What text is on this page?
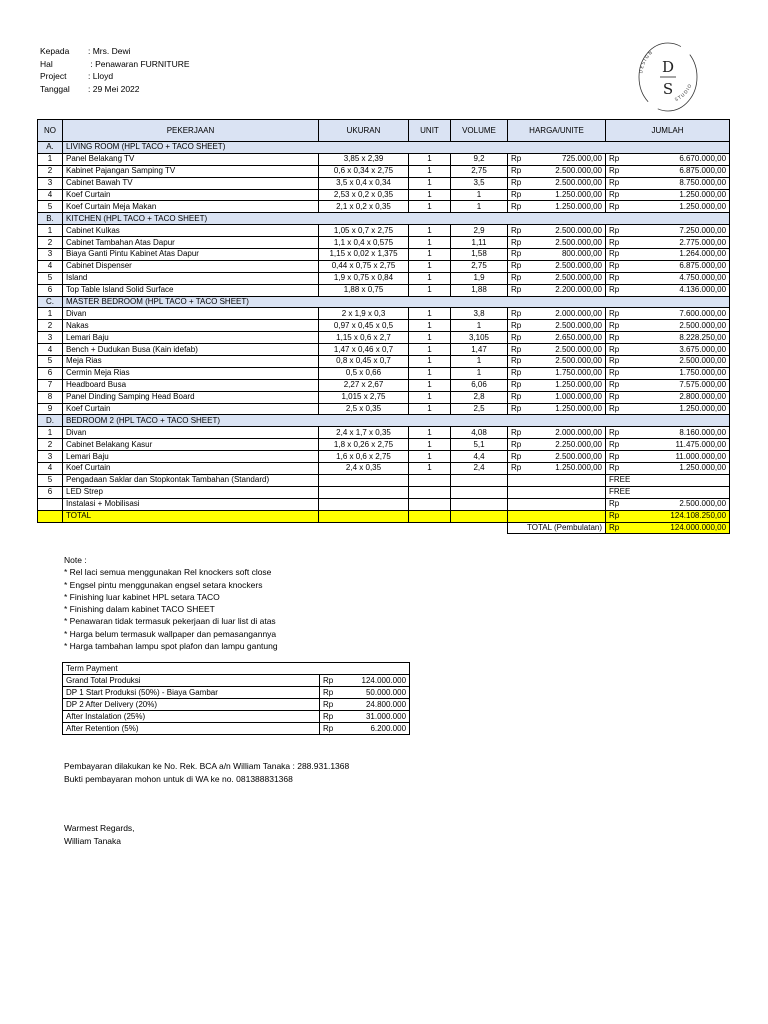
Kepada	: Mrs. Dewi
Hal	: Penawaran FURNITURE
Project	: Lloyd
Tanggal	: 29 Mei 2022
DESIGN
STUDIO
D
S
NO	PEKERJAAN	UKURAN	UNIT	VOLUME	HARGA/UNITE		JUMLAH	
A.	LIVING ROOM (HPL TACO + TACO SHEET)							
1	Panel Belakang TV	3,85 x 2,39	1	9,2	Rp	725.000,00	Rp	6.670.000,00
2	Kabinet Pajangan Samping TV	0,6 x 0,34 x 2,75	1	2,75	Rp	2.500.000,00	Rp	6.875.000,00
3	Cabinet Bawah TV	3,5 x 0,4 x 0,34	1	3,5	Rp	2.500.000,00	Rp	8.750.000,00
4	Koef Curtain	2,53 x 0,2 x 0,35	1	1	Rp	1.250.000,00	Rp	1.250.000,00
5	Koef Curtain Meja Makan	2,1 x 0,2 x 0,35	1	1	Rp	1.250.000,00	Rp	1.250.000,00
B.	KITCHEN (HPL TACO + TACO SHEET)							
1	Cabinet Kulkas	1,05 x 0,7 x 2,75	1	2,9	Rp	2.500.000,00	Rp	7.250.000,00
2	Cabinet Tambahan Atas Dapur	1,1 x 0,4 x 0,575	1	1,11	Rp	2.500.000,00	Rp	2.775.000,00
3	Biaya Ganti Pintu Kabinet Atas Dapur	1,15 x 0,02 x 1,375	1	1,58	Rp	800.000,00	Rp	1.264.000,00
4	Cabinet Dispenser	0,44 x 0,75 x 2,75	1	2,75	Rp	2.500.000,00	Rp	6.875.000,00
5	Island	1,9 x 0,75 x 0,84	1	1,9	Rp	2.500.000,00	Rp	4.750.000,00
6	Top Table Island Solid Surface	1,88 x 0,75	1	1,88	Rp	2.200.000,00	Rp	4.136.000,00
C.	MASTER BEDROOM (HPL TACO + TACO SHEET)							
1	Divan	2 x 1,9 x 0,3	1	3,8	Rp	2.000.000,00	Rp	7.600.000,00
2	Nakas	0,97 x 0,45 x 0,5	1	1	Rp	2.500.000,00	Rp	2.500.000,00
3	Lemari Baju	1,15 x 0,6 x 2,7	1	3,105	Rp	2.650.000,00	Rp	8.228.250,00
4	Bench + Dudukan Busa (Kain idefab)	1,47 x 0,46 x 0,7	1	1,47	Rp	2.500.000,00	Rp	3.675.000,00
5	Meja Rias	0,8 x 0,45 x 0,7	1	1	Rp	2.500.000,00	Rp	2.500.000,00
6	Cermin Meja Rias	0,5 x 0,66	1	1	Rp	1.750.000,00	Rp	1.750.000,00
7	Headboard Busa	2,27 x 2,67	1	6,06	Rp	1.250.000,00	Rp	7.575.000,00
8	Panel Dinding Samping Head Board	1,015 x 2,75	1	2,8	Rp	1.000.000,00	Rp	2.800.000,00
9	Koef Curtain	2,5 x 0,35	1	2,5	Rp	1.250.000,00	Rp	1.250.000,00
D.	BEDROOM 2 (HPL TACO + TACO SHEET)							
1	Divan	2,4 x 1,7 x 0,35	1	4,08	Rp	2.000.000,00	Rp	8.160.000,00
2	Cabinet Belakang Kasur	1,8 x 0,26 x 2,75	1	5,1	Rp	2.250.000,00	Rp	11.475.000,00
3	Lemari Baju	1,6 x 0,6 x 2,75	1	4,4	Rp	2.500.000,00	Rp	11.000.000,00
4	Koef Curtain	2,4 x 0,35	1	2,4	Rp	1.250.000,00	Rp	1.250.000,00
5	Pengadaan Saklar dan Stopkontak Tambahan (Standard)						FREE	
6	LED Strep						FREE	
	Instalasi + Mobilisasi						Rp	2.500.000,00
	TOTAL						Rp	124.108.250,00
					TOTAL (Pembulatan)		Rp	124.000.000,00
Note :
* Rel laci semua menggunakan Rel knockers soft close
* Engsel pintu menggunakan engsel setara knockers
* Finishing luar kabinet HPL setara TACO
* Finishing dalam kabinet TACO SHEET
* Penawaran tidak termasuk pekerjaan di luar list di atas
* Harga belum termasuk wallpaper dan pemasangannya
* Harga tambahan lampu spot plafon dan lampu gantung
Term Payment		
Grand Total Produksi	Rp	124.000.000
DP 1 Start Produksi (50%) - Biaya Gambar	Rp	50.000.000
DP 2 After Delivery (20%)	Rp	24.800.000
After Instalation (25%)	Rp	31.000.000
After Retention (5%)	Rp	6.200.000
Pembayaran dilakukan ke No. Rek. BCA a/n William Tanaka : 288.931.1368
Bukti pembayaran mohon untuk di WA ke no. 081388831368
Warmest Regards,
William Tanaka
